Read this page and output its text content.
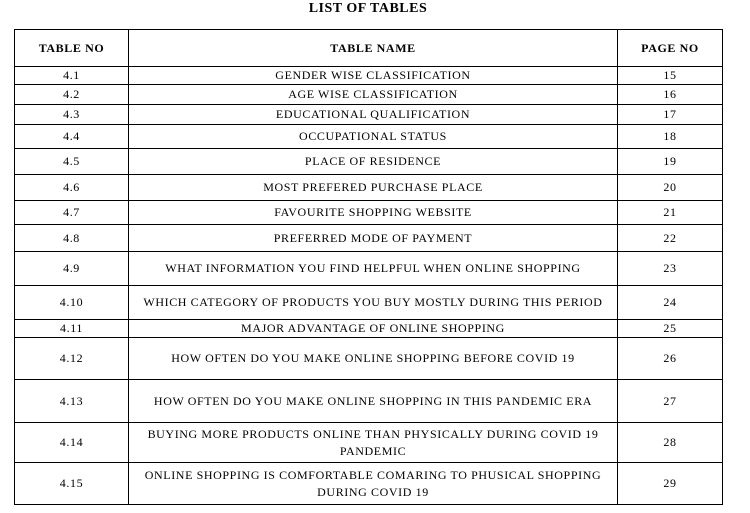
LIST OF TABLES
TABLE NO	TABLE NAME	PAGE NO
4.1	GENDER WISE CLASSIFICATION	15
4.2	AGE WISE CLASSIFICATION	16
4.3	EDUCATIONAL QUALIFICATION	17
4.4	OCCUPATIONAL STATUS	18
4.5	PLACE OF RESIDENCE	19
4.6	MOST PREFERED PURCHASE PLACE	20
4.7	FAVOURITE SHOPPING WEBSITE	21
4.8	PREFERRED MODE OF PAYMENT	22
4.9	WHAT INFORMATION YOU FIND HELPFUL WHEN ONLINE SHOPPING	23
4.10	WHICH CATEGORY OF PRODUCTS YOU BUY MOSTLY DURING THIS PERIOD	24
4.11	MAJOR ADVANTAGE OF ONLINE SHOPPING	25
4.12	HOW OFTEN DO YOU MAKE ONLINE SHOPPING BEFORE COVID 19	26
4.13	HOW OFTEN DO YOU MAKE ONLINE SHOPPING IN THIS PANDEMIC ERA	27
4.14	BUYING MORE PRODUCTS ONLINE THAN PHYSICALLY DURING COVID 19 PANDEMIC	28
4.15	ONLINE SHOPPING IS COMFORTABLE COMARING TO PHUSICAL SHOPPING DURING COVID 19	29
